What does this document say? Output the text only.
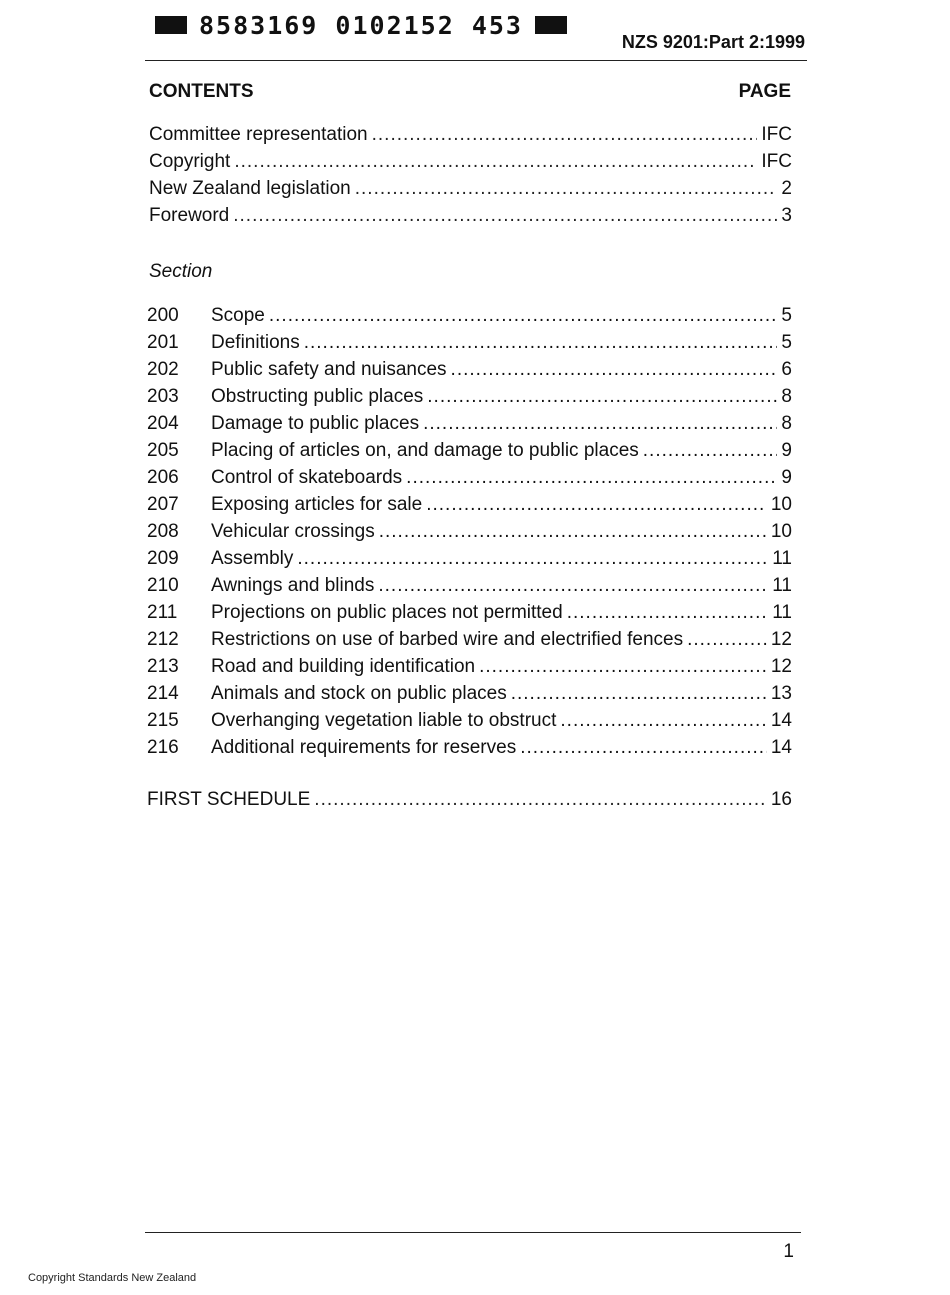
8583169 0102152 453
NZS 9201:Part 2:1999
CONTENTS	PAGE
Committee representation .....	IFC
Copyright .....	IFC
New Zealand legislation .....	2
Foreword .....	3
Section
200	Scope .....	5
201	Definitions .....	5
202	Public safety and nuisances .....	6
203	Obstructing public places .....	8
204	Damage to public places .....	8
205	Placing of articles on, and damage to public places .....	9
206	Control of skateboards .....	9
207	Exposing articles for sale .....	10
208	Vehicular crossings .....	10
209	Assembly .....	11
210	Awnings and blinds .....	11
211	Projections on public places not permitted .....	11
212	Restrictions on use of barbed wire and electrified fences .....	12
213	Road and building identification .....	12
214	Animals and stock on public places .....	13
215	Overhanging vegetation liable to obstruct .....	14
216	Additional requirements for reserves .....	14
FIRST SCHEDULE .....	16
1
Copyright Standards New Zealand
